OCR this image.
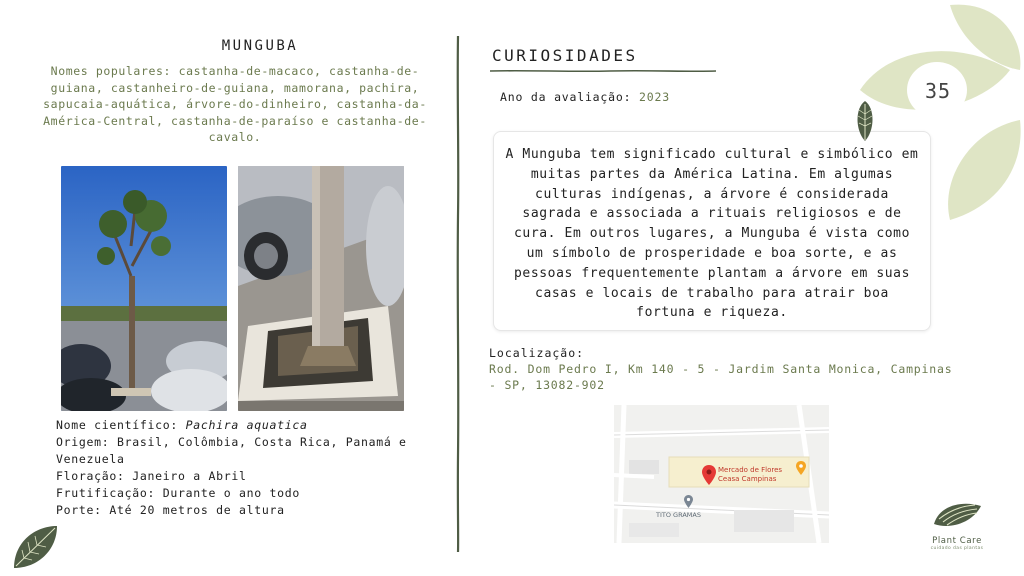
MUNGUBA
Nomes populares: castanha-de-macaco, castanha-de-guiana, castanheiro-de-guiana, mamorana, pachira, sapucaia-aquática, árvore-do-dinheiro, castanha-da-América-Central, castanha-de-paraíso e castanha-de-cavalo.

Nome científico: Pachira aquatica

Origem: Brasil, Colômbia, Costa Rica, Panamá e Venezuela

Floração: Janeiro a Abril

Frutificação: Durante o ano todo

Porte: Até 20 metros de altura

CURIOSIDADES
Ano da avaliação: 2023
A Munguba tem significado cultural e simbólico em muitas partes da América Latina. Em algumas culturas indígenas, a árvore é considerada sagrada e associada a rituais religiosos e de cura. Em outros lugares, a Munguba é vista como um símbolo de prosperidade e boa sorte, e as pessoas frequentemente plantam a árvore em suas casas e locais de trabalho para atrair boa fortuna e riqueza.
Localização:
Rod. Dom Pedro I, Km 140 - 5 - Jardim Santa Monica, Campinas - SP, 13082-902
Mercado de Flores
Ceasa Campinas
TITO GRAMAS
35
Plant Care
cuidado das plantas
